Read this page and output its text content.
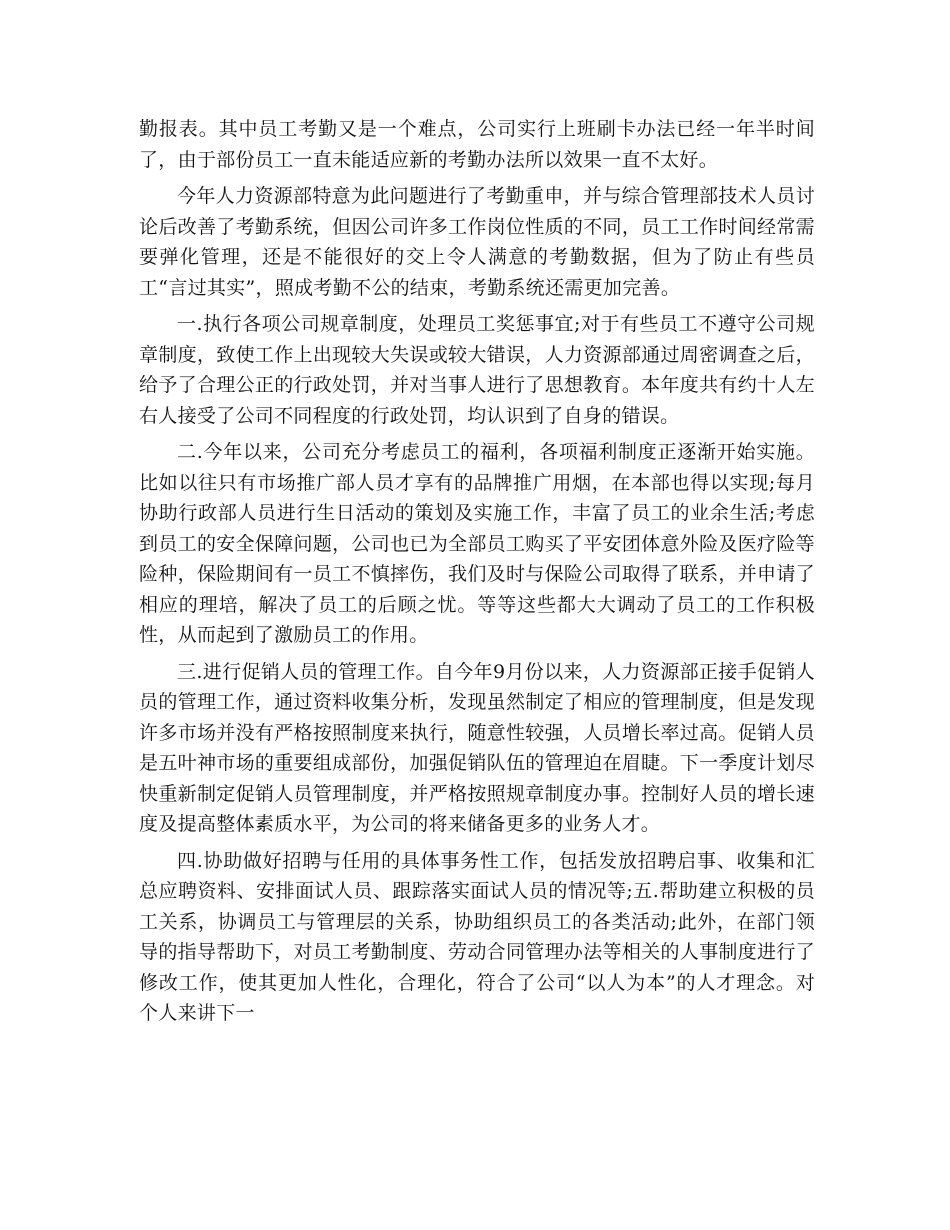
勤报表。其中员工考勤又是一个难点，公司实行上班刷卡办法已经一年半时间了，由于部份员工一直未能适应新的考勤办法所以效果一直不太好。

今年人力资源部特意为此问题进行了考勤重申，并与综合管理部技术人员讨论后改善了考勤系统，但因公司许多工作岗位性质的不同，员工工作时间经常需要弹化管理，还是不能很好的交上令人满意的考勤数据，但为了防止有些员工“言过其实”，照成考勤不公的结束，考勤系统还需更加完善。

一.执行各项公司规章制度，处理员工奖惩事宜;对于有些员工不遵守公司规章制度，致使工作上出现较大失误或较大错误，人力资源部通过周密调查之后，给予了合理公正的行政处罚，并对当事人进行了思想教育。本年度共有约十人左右人接受了公司不同程度的行政处罚，均认识到了自身的错误。

二.今年以来，公司充分考虑员工的福利，各项福利制度正逐渐开始实施。比如以往只有市场推广部人员才享有的品牌推广用烟，在本部也得以实现;每月协助行政部人员进行生日活动的策划及实施工作，丰富了员工的业余生活;考虑到员工的安全保障问题，公司也已为全部员工购买了平安团体意外险及医疗险等险种，保险期间有一员工不慎摔伤，我们及时与保险公司取得了联系，并申请了相应的理培，解决了员工的后顾之忧。等等这些都大大调动了员工的工作积极性，从而起到了激励员工的作用。

三.进行促销人员的管理工作。自今年9月份以来，人力资源部正接手促销人员的管理工作，通过资料收集分析，发现虽然制定了相应的管理制度，但是发现许多市场并没有严格按照制度来执行，随意性较强，人员增长率过高。促销人员是五叶神市场的重要组成部份，加强促销队伍的管理迫在眉睫。下一季度计划尽快重新制定促销人员管理制度，并严格按照规章制度办事。控制好人员的增长速度及提高整体素质水平，为公司的将来储备更多的业务人才。

四.协助做好招聘与任用的具体事务性工作，包括发放招聘启事、收集和汇总应聘资料、安排面试人员、跟踪落实面试人员的情况等;五.帮助建立积极的员工关系，协调员工与管理层的关系，协助组织员工的各类活动;此外，在部门领导的指导帮助下，对员工考勤制度、劳动合同管理办法等相关的人事制度进行了修改工作，使其更加人性化，合理化，符合了公司“以人为本”的人才理念。对个人来讲下一
